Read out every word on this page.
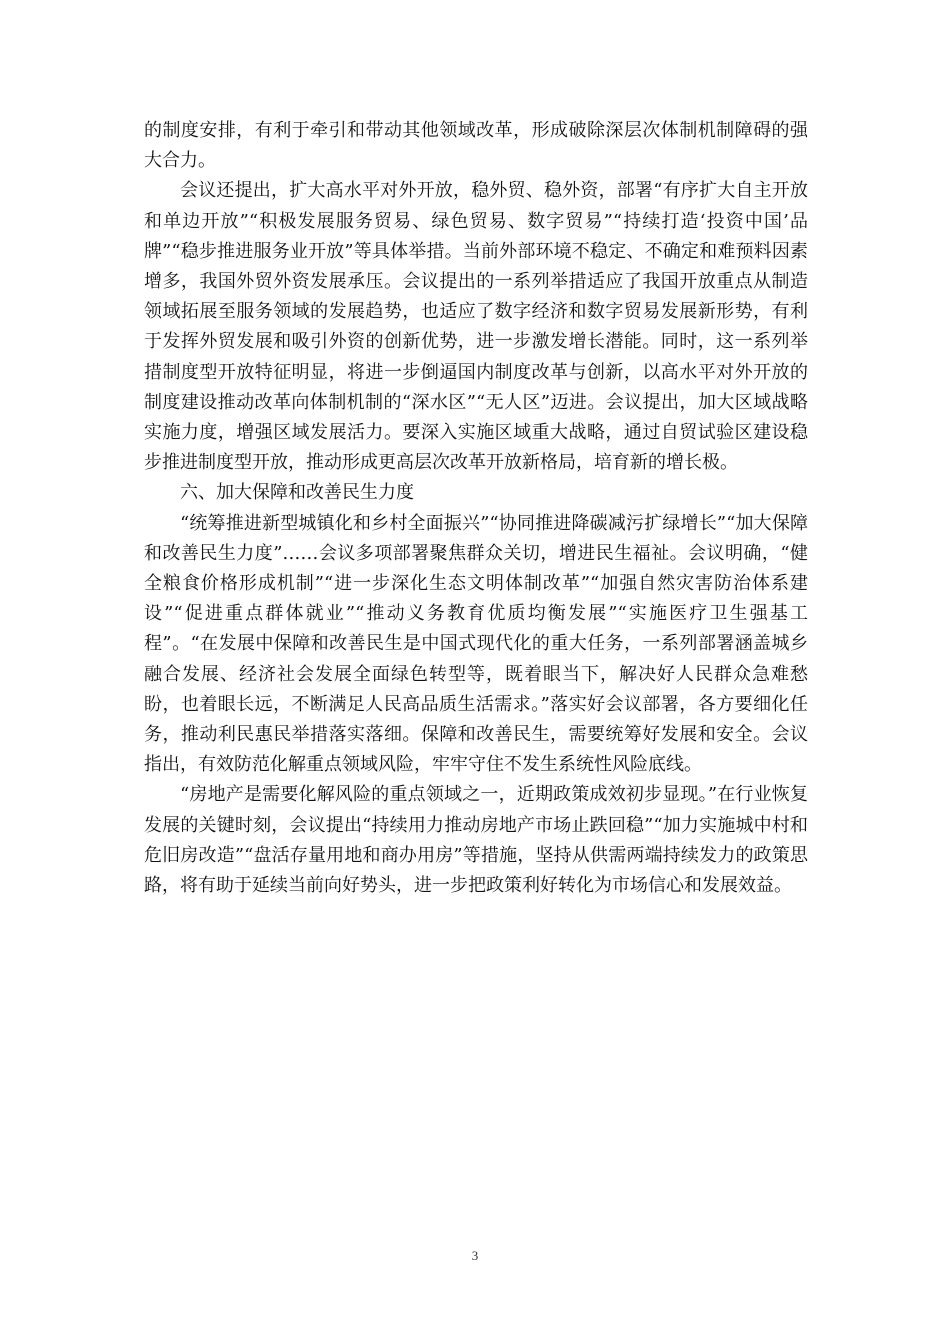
的制度安排，有利于牵引和带动其他领域改革，形成破除深层次体制机制障碍的强大合力。

会议还提出，扩大高水平对外开放，稳外贸、稳外资，部署“有序扩大自主开放和单边开放”“积极发展服务贸易、绿色贸易、数字贸易”“持续打造‘投资中国’品牌”“稳步推进服务业开放”等具体举措。当前外部环境不稳定、不确定和难预料因素增多，我国外贸外资发展承压。会议提出的一系列举措适应了我国开放重点从制造领域拓展至服务领域的发展趋势，也适应了数字经济和数字贸易发展新形势，有利于发挥外贸发展和吸引外资的创新优势，进一步激发增长潜能。同时，这一系列举措制度型开放特征明显，将进一步倒逼国内制度改革与创新，以高水平对外开放的制度建设推动改革向体制机制的“深水区”“无人区”迈进。会议提出，加大区域战略实施力度，增强区域发展活力。要深入实施区域重大战略，通过自贸试验区建设稳步推进制度型开放，推动形成更高层次改革开放新格局，培育新的增长极。

六、加大保障和改善民生力度

“统筹推进新型城镇化和乡村全面振兴”“协同推进降碳减污扩绿增长”“加大保障和改善民生力度”……会议多项部署聚焦群众关切，增进民生福祉。会议明确，“健全粮食价格形成机制”“进一步深化生态文明体制改革”“加强自然灾害防治体系建设”“促进重点群体就业”“推动义务教育优质均衡发展”“实施医疗卫生强基工程”。“在发展中保障和改善民生是中国式现代化的重大任务，一系列部署涵盖城乡融合发展、经济社会发展全面绿色转型等，既着眼当下，解决好人民群众急难愁盼，也着眼长远，不断满足人民高品质生活需求。”落实好会议部署，各方要细化任务，推动利民惠民举措落实落细。保障和改善民生，需要统筹好发展和安全。会议指出，有效防范化解重点领域风险，牢牢守住不发生系统性风险底线。

“房地产是需要化解风险的重点领域之一，近期政策成效初步显现。”在行业恢复发展的关键时刻，会议提出“持续用力推动房地产市场止跌回稳”“加力实施城中村和危旧房改造”“盘活存量用地和商办用房”等措施，坚持从供需两端持续发力的政策思路，将有助于延续当前向好势头，进一步把政策利好转化为市场信心和发展效益。

3
